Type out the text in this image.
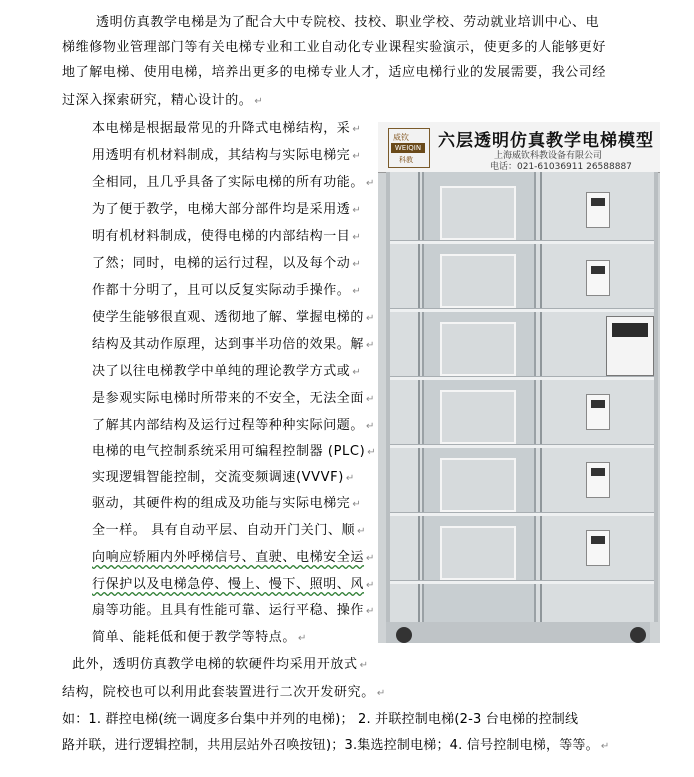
透明仿真教学电梯是为了配合大中专院校、技校、职业学校、劳动就业培训中心、电
梯维修物业管理部门等有关电梯专业和工业自动化专业课程实验演示，使更多的人能够更好
地了解电梯、使用电梯，培养出更多的电梯专业人才，适应电梯行业的发展需要，我公司经
过深入探索研究，精心设计的。 ↵
本电梯是根据最常见的升降式电梯结构，采 ↵
用透明有机材料制成，其结构与实际电梯完 ↵
全相同，且几乎具备了实际电梯的所有功能。 ↵
为了便于教学，电梯大部分部件均是采用透 ↵
明有机材料制成，使得电梯的内部结构一目 ↵
了然；同时，电梯的运行过程，以及每个动 ↵
作都十分明了，且可以反复实际动手操作。 ↵
使学生能够很直观、透彻地了解、掌握电梯的 ↵
结构及其动作原理，达到事半功倍的效果。解 ↵
决了以往电梯教学中单纯的理论教学方式或 ↵
是参观实际电梯时所带来的不安全，无法全面 ↵
了解其内部结构及运行过程等种种实际问题。 ↵
电梯的电气控制系统采用可编程控制器 (PLC) ↵
实现逻辑智能控制，交流变频调速(VVVF) ↵
驱动，其硬件构的组成及功能与实际电梯完 ↵
全一样。 具有自动平层、自动开门关门、顺 ↵
向响应轿厢内外呼梯信号、直驶、电梯安全运 ↵
行保护以及电梯急停、慢上、慢下、照明、风 ↵
扇等功能。且具有性能可靠、运行平稳、操作 ↵
简单、能耗低和便于教学等特点。 ↵
此外，透明仿真教学电梯的软硬件均采用开放式 ↵
结构，院校也可以利用此套装置进行二次开发研究。 ↵
如：1. 群控电梯(统一调度多台集中并列的电梯)； 2. 并联控制电梯(2-3 台电梯的控制线
路并联，进行逻辑控制，共用层站外召唤按钮)；3.集选控制电梯；4. 信号控制电梯，等等。 ↵
威钦
WEIQIN
科教
六层透明仿真教学电梯模型
上海威钦科教设备有限公司
电话：021-61036911 26588887
